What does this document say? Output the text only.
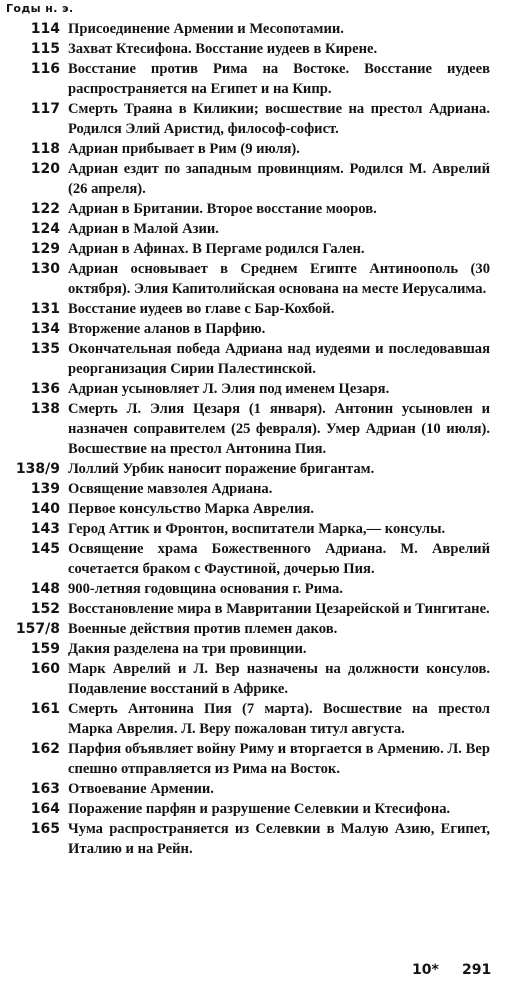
Годы н. э.
114 Присоединение Армении и Месопотамии.
115 Захват Ктесифона. Восстание иудеев в Кирене.
116 Восстание против Рима на Востоке. Восстание иудеев распространяется на Египет и на Кипр.
117 Смерть Траяна в Киликии; восшествие на престол Адриана. Родился Элий Аристид, философ-софист.
118 Адриан прибывает в Рим (9 июля).
120 Адриан ездит по западным провинциям. Родился М. Аврелий (26 апреля).
122 Адриан в Британии. Второе восстание мооров.
124 Адриан в Малой Азии.
129 Адриан в Афинах. В Пергаме родился Гален.
130 Адриан основывает в Среднем Египте Антиноополь (30 октября). Элия Капитолийская основана на месте Иерусалима.
131 Восстание иудеев во главе с Бар-Кохбой.
134 Вторжение аланов в Парфию.
135 Окончательная победа Адриана над иудеями и последовавшая реорганизация Сирии Палестинской.
136 Адриан усыновляет Л. Элия под именем Цезаря.
138 Смерть Л. Элия Цезаря (1 января). Антонин усыновлен и назначен соправителем (25 февраля). Умер Адриан (10 июля). Восшествие на престол Антонина Пия.
138/9 Лоллий Урбик наносит поражение бригантам.
139 Освящение мавзолея Адриана.
140 Первое консульство Марка Аврелия.
143 Герод Аттик и Фронтон, воспитатели Марка,— консулы.
145 Освящение храма Божественного Адриана. М. Аврелий сочетается браком с Фаустиной, дочерью Пия.
148 900-летняя годовщина основания г. Рима.
152 Восстановление мира в Мавритании Цезарейской и Тингитане.
157/8 Военные действия против племен даков.
159 Дакия разделена на три провинции.
160 Марк Аврелий и Л. Вер назначены на должности консулов. Подавление восстаний в Африке.
161 Смерть Антонина Пия (7 марта). Восшествие на престол Марка Аврелия. Л. Веру пожалован титул августа.
162 Парфия объявляет войну Риму и вторгается в Армению. Л. Вер спешно отправляется из Рима на Восток.
163 Отвоевание Армении.
164 Поражение парфян и разрушение Селевкии и Ктесифона.
165 Чума распространяется из Селевкии в Малую Азию, Египет, Италию и на Рейн.
10* 291
